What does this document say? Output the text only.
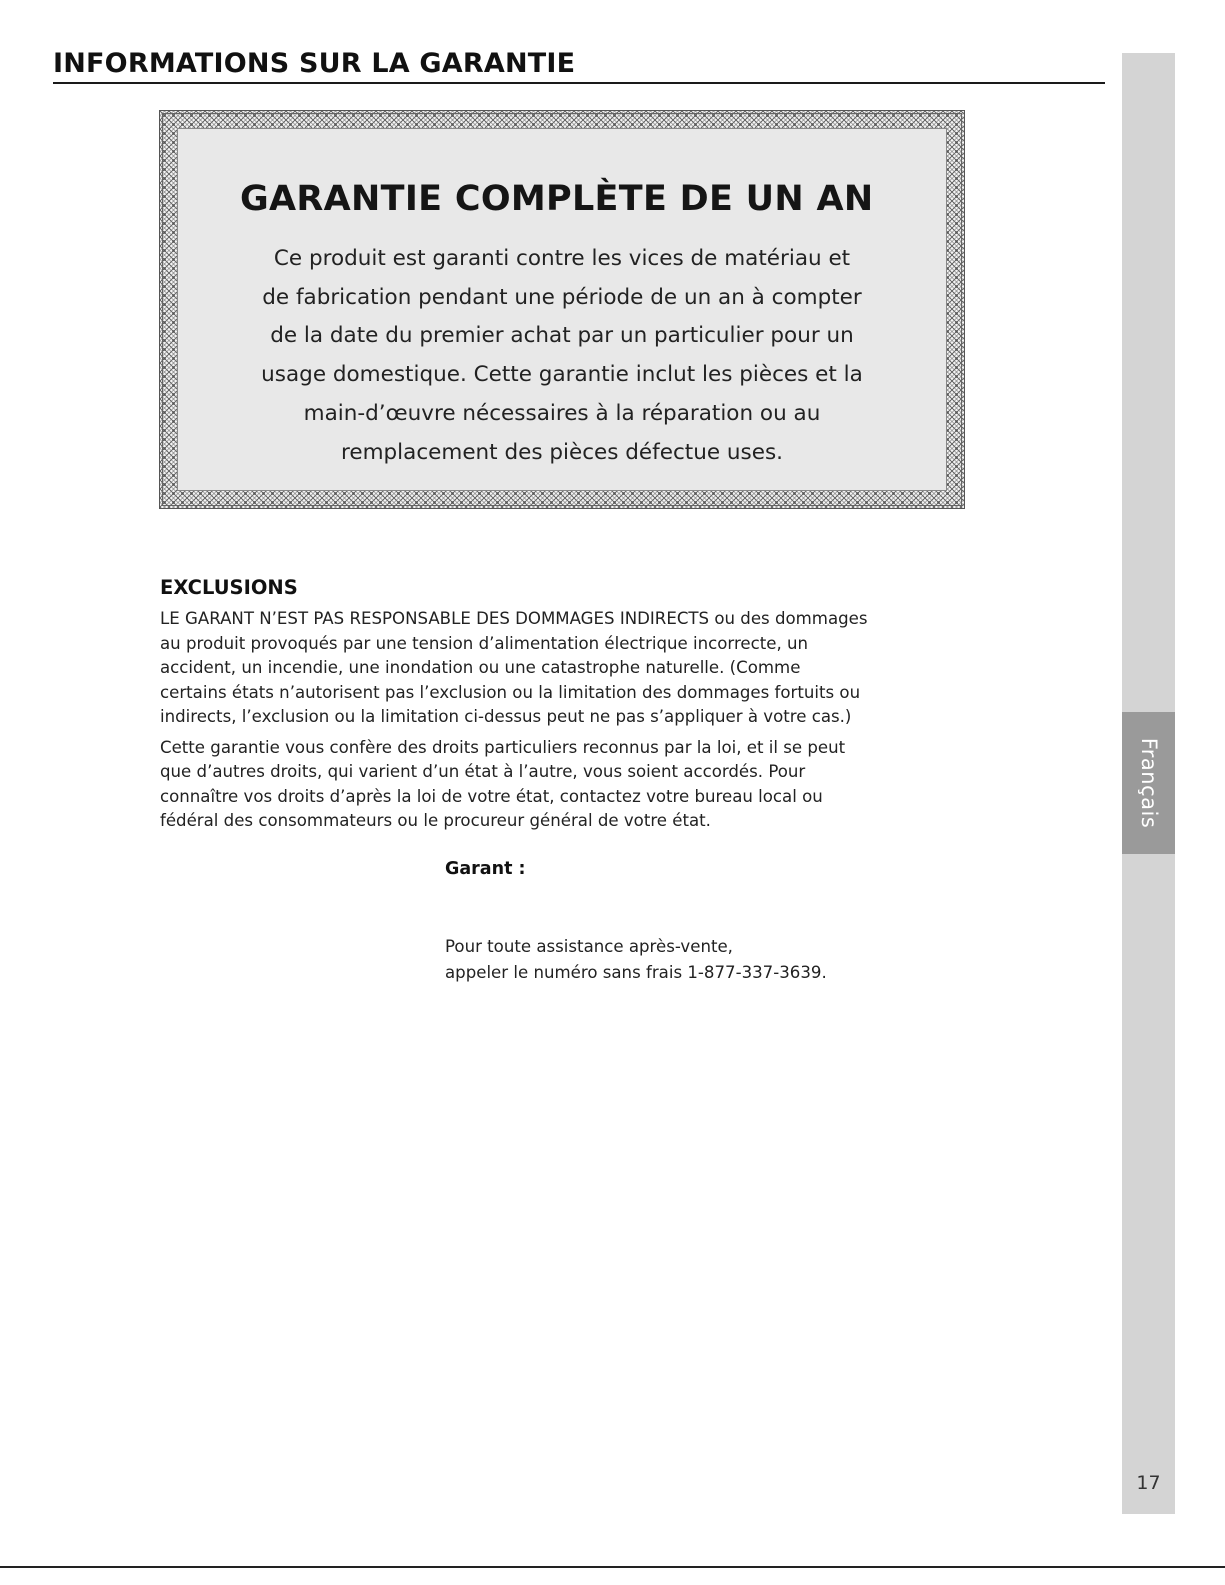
INFORMATIONS SUR LA GARANTIE
Français
17
GARANTIE COMPLÈTE DE UN AN

Ce produit est garanti contre les vices de matériau et
de fabrication pendant une période de un an à compter
de la date du premier achat par un particulier pour un
usage domestique. Cette garantie inclut les pièces et la
main-d’œuvre nécessaires à la réparation ou au
remplacement des pièces défectue uses.

EXCLUSIONS

LE GARANT N’EST PAS RESPONSABLE DES DOMMAGES INDIRECTS ou des dommages
au produit provoqués par une tension d’alimentation électrique incorrecte, un
accident, un incendie, une inondation ou une catastrophe naturelle. (Comme
certains états n’autorisent pas l’exclusion ou la limitation des dommages fortuits ou
indirects, l’exclusion ou la limitation ci-dessus peut ne pas s’appliquer à votre cas.)

Cette garantie vous confère des droits particuliers reconnus par la loi, et il se peut
que d’autres droits, qui varient d’un état à l’autre, vous soient accordés. Pour
connaître vos droits d’après la loi de votre état, contactez votre bureau local ou
fédéral des consommateurs ou le procureur général de votre état.

Garant :
Pour toute assistance après-vente,
appeler le numéro sans frais 1-877-337-3639.
